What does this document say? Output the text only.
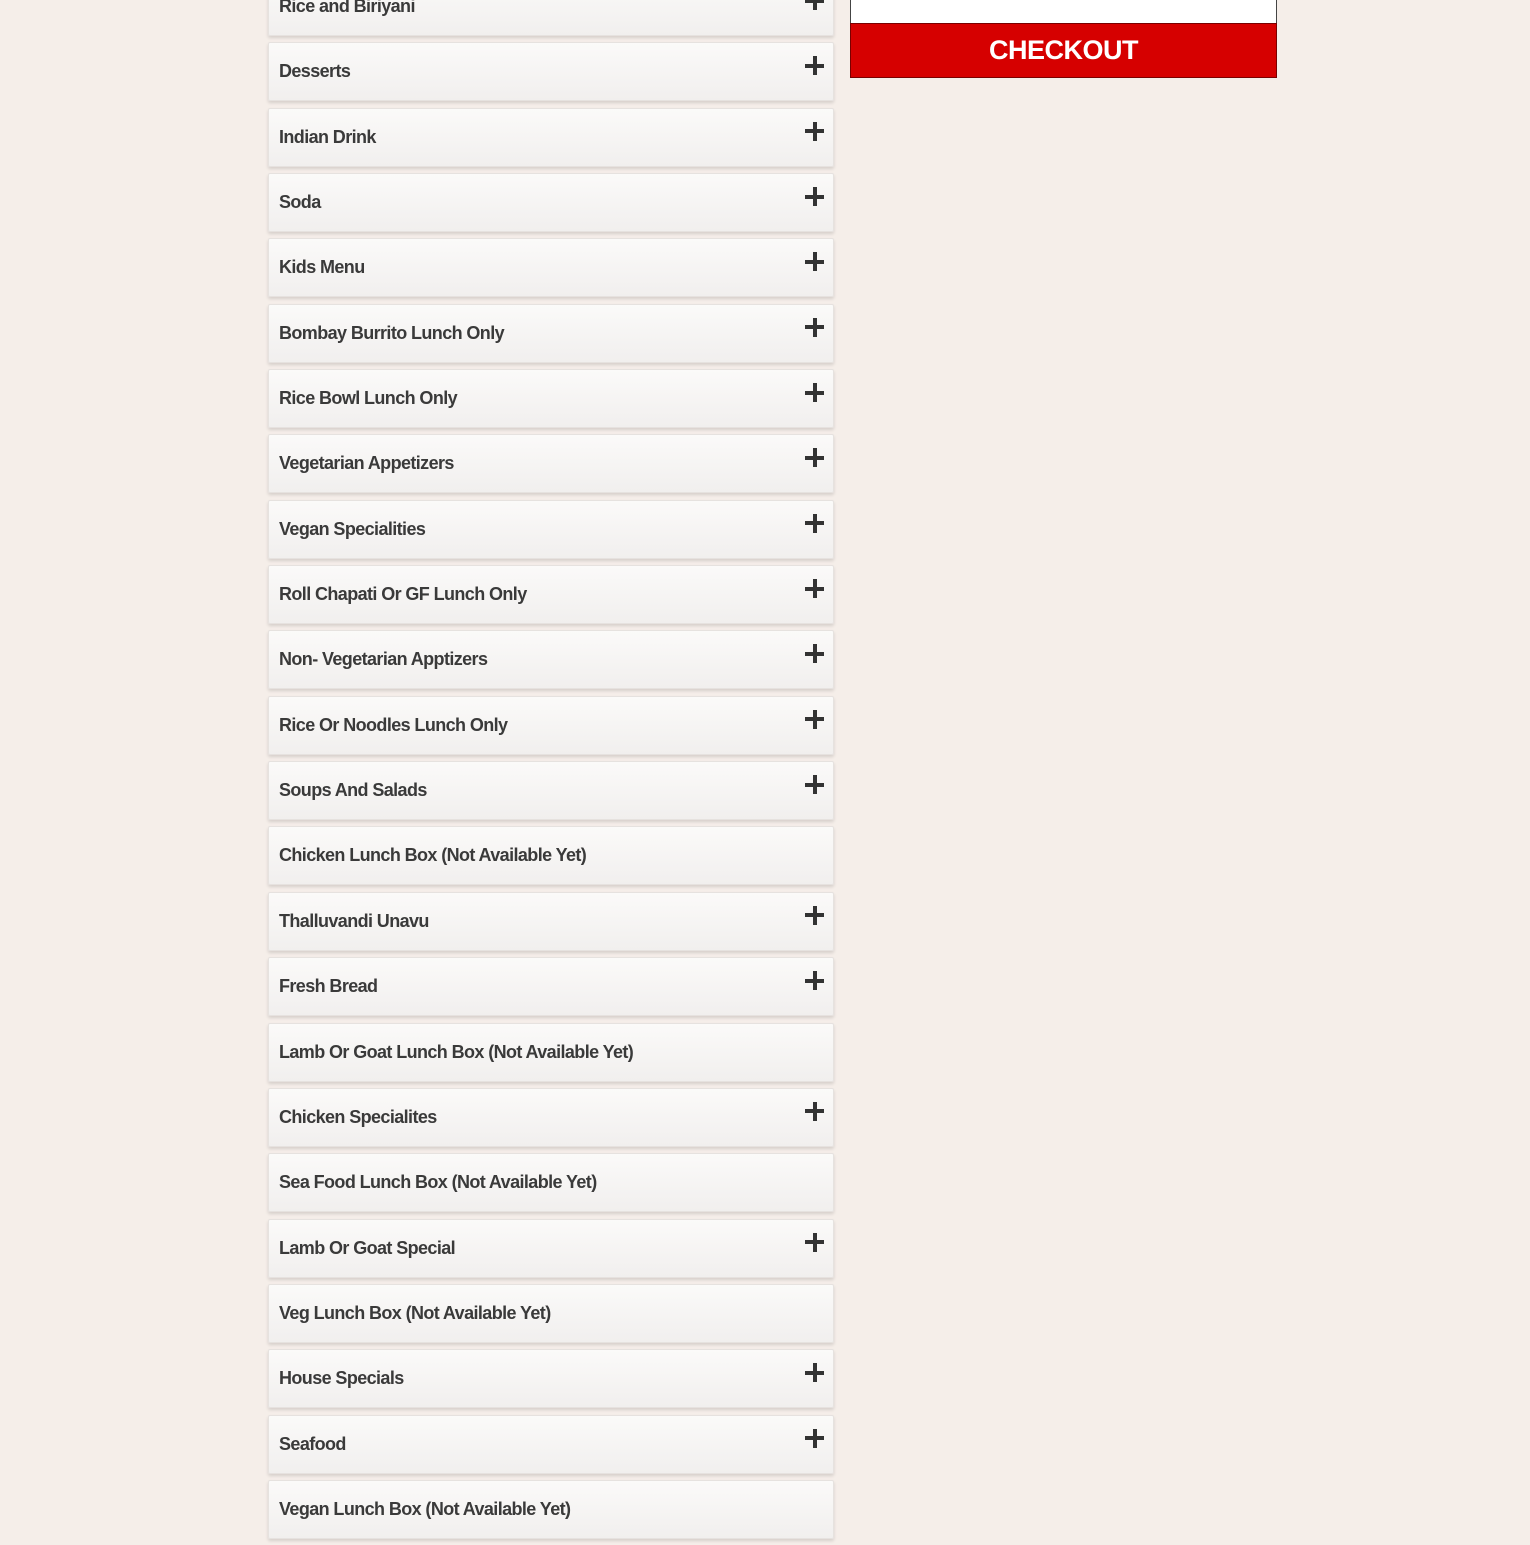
Rice and Biriyani
Desserts
Indian Drink
Soda
Kids Menu
Bombay Burrito Lunch Only
Rice Bowl Lunch Only
Vegetarian Appetizers
Vegan Specialities
Roll Chapati Or GF Lunch Only
Non- Vegetarian Apptizers
Rice Or Noodles Lunch Only
Soups And Salads
Chicken Lunch Box (Not Available Yet)
Thalluvandi Unavu
Fresh Bread
Lamb Or Goat Lunch Box (Not Available Yet)
Chicken Specialites
Sea Food Lunch Box (Not Available Yet)
Lamb Or Goat Special
Veg Lunch Box (Not Available Yet)
House Specials
Seafood
Vegan Lunch Box (Not Available Yet)
CHECKOUT
